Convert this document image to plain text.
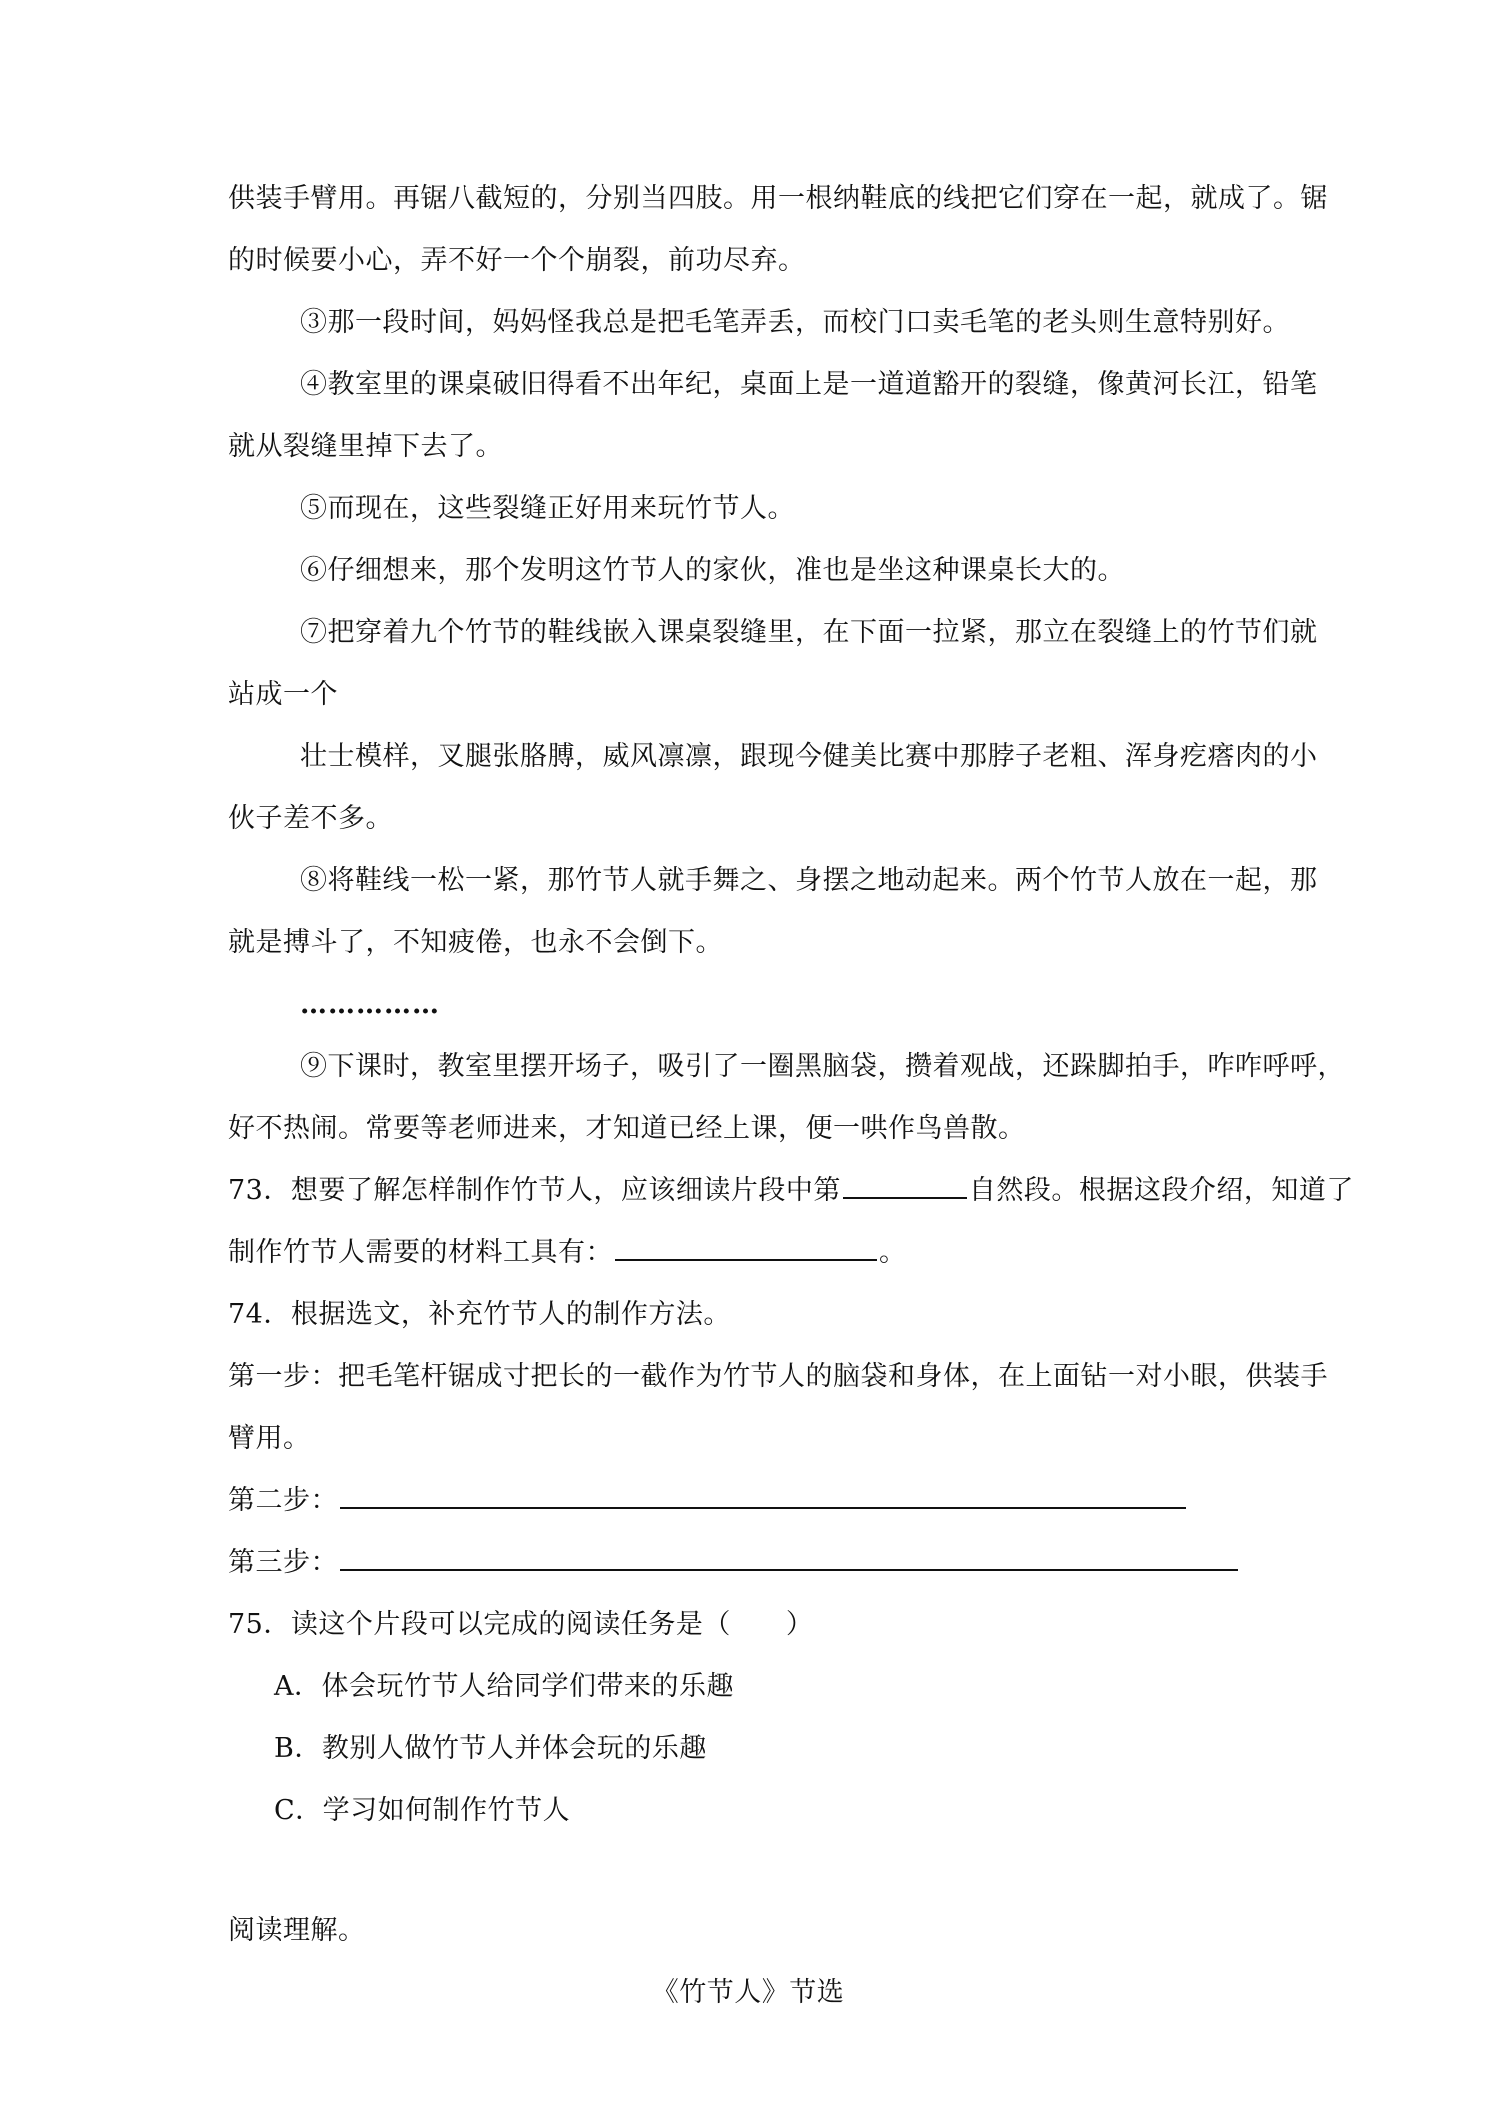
供装手臂用。再锯八截短的，分别当四肢。用一根纳鞋底的线把它们穿在一起，就成了。锯
的时候要小心，弄不好一个个崩裂，前功尽弃。
③那一段时间，妈妈怪我总是把毛笔弄丢，而校门口卖毛笔的老头则生意特别好。
④教室里的课桌破旧得看不出年纪，桌面上是一道道豁开的裂缝，像黄河长江，铅笔
就从裂缝里掉下去了。
⑤而现在，这些裂缝正好用来玩竹节人。
⑥仔细想来，那个发明这竹节人的家伙，准也是坐这种课桌长大的。
⑦把穿着九个竹节的鞋线嵌入课桌裂缝里，在下面一拉紧，那立在裂缝上的竹节们就
站成一个
壮士模样，叉腿张胳膊，威风凛凛，跟现今健美比赛中那脖子老粗、浑身疙瘩肉的小
伙子差不多。
⑧将鞋线一松一紧，那竹节人就手舞之、身摆之地动起来。两个竹节人放在一起，那
就是搏斗了，不知疲倦，也永不会倒下。
……………
⑨下课时，教室里摆开场子，吸引了一圈黑脑袋，攒着观战，还跺脚拍手，咋咋呼呼，
好不热闹。常要等老师进来，才知道已经上课，便一哄作鸟兽散。
73．想要了解怎样制作竹节人，应该细读片段中第	自然段。根据这段介绍，知道了
制作竹节人需要的材料工具有：	。
74．根据选文，补充竹节人的制作方法。
第一步：把毛笔杆锯成寸把长的一截作为竹节人的脑袋和身体，在上面钻一对小眼，供装手
臂用。
第二步：
第三步：
75．读这个片段可以完成的阅读任务是（　　）
A．体会玩竹节人给同学们带来的乐趣
B．教别人做竹节人并体会玩的乐趣
C．学习如何制作竹节人
阅读理解。
《竹节人》节选
